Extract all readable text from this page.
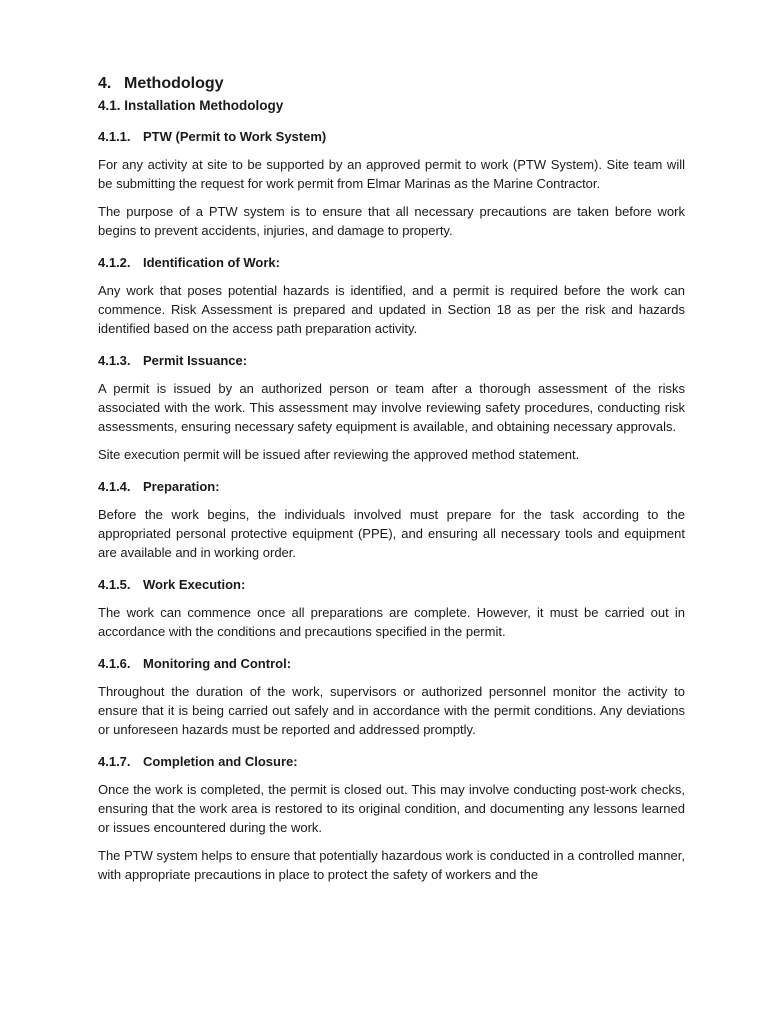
4. Methodology
4.1. Installation Methodology
4.1.1. PTW (Permit to Work System)

For any activity at site to be supported by an approved permit to work (PTW System). Site team will be submitting the request for work permit from Elmar Marinas as the Marine Contractor.

The purpose of a PTW system is to ensure that all necessary precautions are taken before work begins to prevent accidents, injuries, and damage to property.

4.1.2. Identification of Work:

Any work that poses potential hazards is identified, and a permit is required before the work can commence. Risk Assessment is prepared and updated in Section 18 as per the risk and hazards identified based on the access path preparation activity.

4.1.3. Permit Issuance:

A permit is issued by an authorized person or team after a thorough assessment of the risks associated with the work. This assessment may involve reviewing safety procedures, conducting risk assessments, ensuring necessary safety equipment is available, and obtaining necessary approvals.

Site execution permit will be issued after reviewing the approved method statement.

4.1.4. Preparation:

Before the work begins, the individuals involved must prepare for the task according to the appropriated personal protective equipment (PPE), and ensuring all necessary tools and equipment are available and in working order.

4.1.5. Work Execution:

The work can commence once all preparations are complete. However, it must be carried out in accordance with the conditions and precautions specified in the permit.

4.1.6. Monitoring and Control:

Throughout the duration of the work, supervisors or authorized personnel monitor the activity to ensure that it is being carried out safely and in accordance with the permit conditions. Any deviations or unforeseen hazards must be reported and addressed promptly.

4.1.7. Completion and Closure:

Once the work is completed, the permit is closed out. This may involve conducting post-work checks, ensuring that the work area is restored to its original condition, and documenting any lessons learned or issues encountered during the work.

The PTW system helps to ensure that potentially hazardous work is conducted in a controlled manner, with appropriate precautions in place to protect the safety of workers and the
